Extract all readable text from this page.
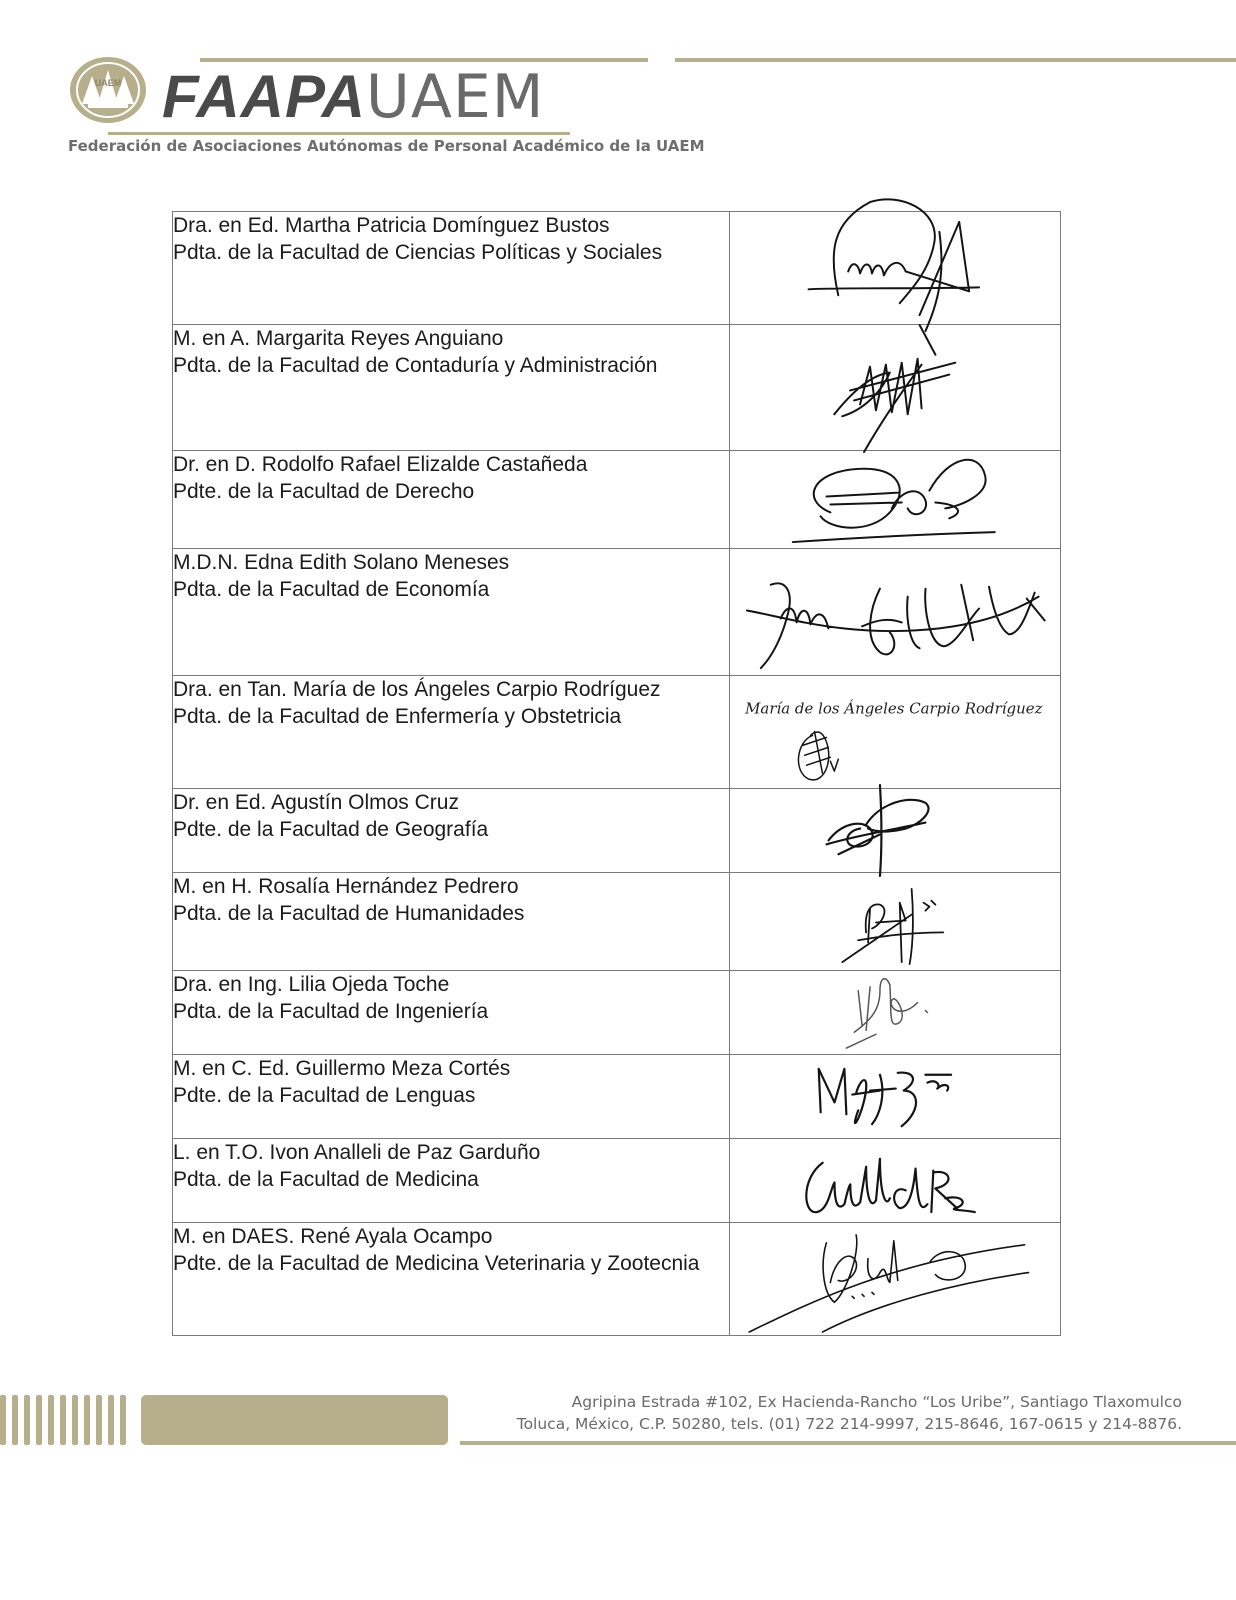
UAEM FAAPAUAEM
Federación de Asociaciones Autónomas de Personal Académico de la UAEM
Dra. en Ed. Martha Patricia Domínguez Bustos
Pdta. de la Facultad de Ciencias Políticas y Sociales

M. en A. Margarita Reyes Anguiano
Pdta. de la Facultad de Contaduría y Administración

Dr. en D. Rodolfo Rafael Elizalde Castañeda
Pdte. de la Facultad de Derecho

M.D.N. Edna Edith Solano Meneses
Pdta. de la Facultad de Economía

Dra. en Tan. María de los Ángeles Carpio Rodríguez
Pdta. de la Facultad de Enfermería y Obstetricia	María de los Ángeles Carpio Rodríguez

Dr. en Ed. Agustín Olmos Cruz
Pdte. de la Facultad de Geografía

M. en H. Rosalía Hernández Pedrero
Pdta. de la Facultad de Humanidades

Dra. en Ing. Lilia Ojeda Toche
Pdta. de la Facultad de Ingeniería

M. en C. Ed. Guillermo Meza Cortés
Pdte. de la Facultad de Lenguas

L. en T.O. Ivon Analleli de Paz Garduño
Pdta. de la Facultad de Medicina

M. en DAES. René Ayala Ocampo
Pdte. de la Facultad de Medicina Veterinaria y Zootecnia

Agripina Estrada #102, Ex Hacienda-Rancho “Los Uribe”, Santiago Tlaxomulco
Toluca, México, C.P. 50280, tels. (01) 722 214-9997, 215-8646, 167-0615 y 214-8876.
